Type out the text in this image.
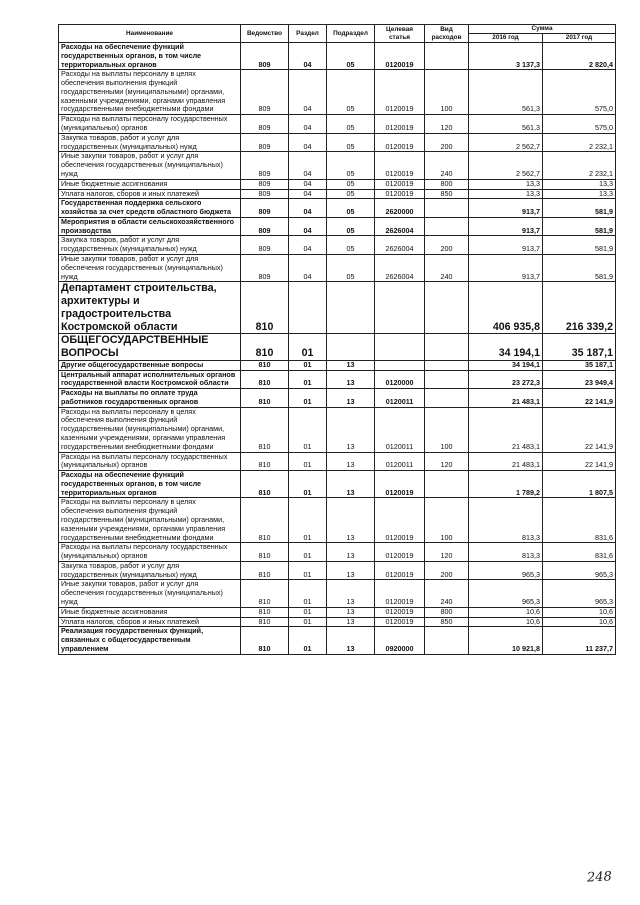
Наименование	Ведомство	Раздел	Подраздел	Целевая статья	Вид расходов	Сумма	
						2016 год	2017 год
Расходы на обеспечение функций государственных органов, в том числе территориальных органов	809	04	05	0120019		3 137,3	2 820,4
Расходы на выплаты персоналу в целях обеспечения выполнения функций государственными (муниципальными) органами, казенными учреждениями, органами управления государственными внебюджетными фондами	809	04	05	0120019	100	561,3	575,0
Расходы на выплаты персоналу государственных (муниципальных) органов	809	04	05	0120019	120	561,3	575,0
Закупка товаров, работ и услуг для государственных (муниципальных) нужд	809	04	05	0120019	200	2 562,7	2 232,1
Иные закупки товаров, работ и услуг для обеспечения государственных (муниципальных) нужд	809	04	05	0120019	240	2 562,7	2 232,1
Иные бюджетные ассигнования	809	04	05	0120019	800	13,3	13,3
Уплата налогов, сборов и иных платежей	809	04	05	0120019	850	13,3	13,3
Государственная поддержка сельского хозяйства за счет средств областного бюджета	809	04	05	2620000		913,7	581,9
Мероприятия в области сельскохозяйственного производства	809	04	05	2626004		913,7	581,9
Закупка товаров, работ и услуг для государственных (муниципальных) нужд	809	04	05	2626004	200	913,7	581,9
Иные закупки товаров, работ и услуг для обеспечения государственных (муниципальных) нужд	809	04	05	2626004	240	913,7	581,9
Департамент строительства, архитектуры и градостроительства Костромской области	810					406 935,8	216 339,2
ОБЩЕГОСУДАРСТВЕННЫЕ ВОПРОСЫ	810	01				34 194,1	35 187,1
Другие общегосударственные вопросы	810	01	13			34 194,1	35 187,1
Центральный аппарат исполнительных органов государственной власти Костромской области	810	01	13	0120000		23 272,3	23 949,4
Расходы на выплаты по оплате труда работников государственных органов	810	01	13	0120011		21 483,1	22 141,9
Расходы на выплаты персоналу в целях обеспечения выполнения функций государственными (муниципальными) органами, казенными учреждениями, органами управления государственными внебюджетными фондами	810	01	13	0120011	100	21 483,1	22 141,9
Расходы на выплаты персоналу государственных (муниципальных) органов	810	01	13	0120011	120	21 483,1	22 141,9
Расходы на обеспечение функций государственных органов, в том числе территориальных органов	810	01	13	0120019		1 789,2	1 807,5
Расходы на выплаты персоналу в целях обеспечения выполнения функций государственными (муниципальными) органами, казенными учреждениями, органами управления государственными внебюджетными фондами	810	01	13	0120019	100	813,3	831,6
Расходы на выплаты персоналу государственных (муниципальных) органов	810	01	13	0120019	120	813,3	831,6
Закупка товаров, работ и услуг для государственных (муниципальных) нужд	810	01	13	0120019	200	965,3	965,3
Иные закупки товаров, работ и услуг для обеспечения государственных (муниципальных) нужд	810	01	13	0120019	240	965,3	965,3
Иные бюджетные ассигнования	810	01	13	0120019	800	10,6	10,6
Уплата налогов, сборов и иных платежей	810	01	13	0120019	850	10,6	10,6
Реализация государственных функций, связанных с общегосударственным управлением	810	01	13	0920000		10 921,8	11 237,7
248
